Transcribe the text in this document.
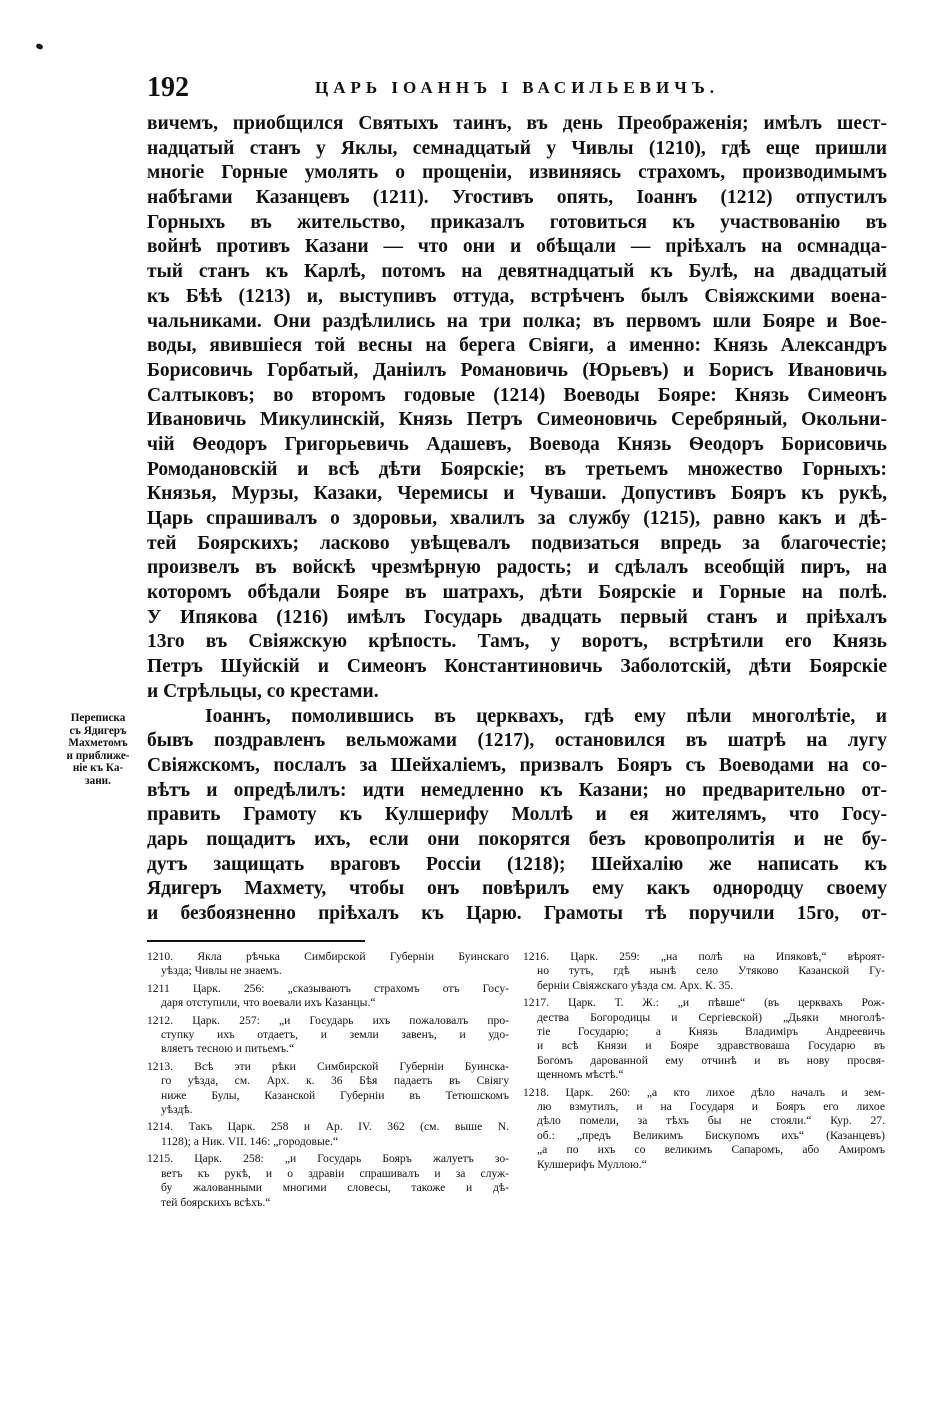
192	ЦАРЬ ІОАННЪ І ВАСИЛЬЕВИЧЪ.
вичемъ, приобщился Святыхъ таинъ, въ день Преображенія; имѣлъ шест-
надцатый станъ у Яклы, семнадцатый у Чивлы (1210), гдѣ еще пришли
многіе Горные умолять о прощеніи, извиняясь страхомъ, производимымъ
набѣгами Казанцевъ (1211). Угостивъ опять, Іоаннъ (1212) отпустилъ
Горныхъ въ жительство, приказалъ готовиться къ участвованію въ
войнѣ противъ Казани — что они и обѣщали — пріѣхалъ на осмнадца-
тый станъ къ Карлѣ, потомъ на девятнадцатый къ Булѣ, на двадцатый
къ Бѣѣ (1213) и, выступивъ оттуда, встрѣченъ былъ Свіяжскими воена-
чальниками. Они раздѣлились на три полка; въ первомъ шли Бояре и Вое-
воды, явившіеся той весны на берега Свіяги, а именно: Князь Александръ
Борисовичь Горбатый, Даніилъ Романовичь (Юрьевъ) и Борисъ Ивановичь
Салтыковъ; во второмъ годовые (1214) Воеводы Бояре: Князь Симеонъ
Ивановичь Микулинскій, Князь Петръ Симеоновичь Серебряный, Окольни-
чій Ѳеодоръ Григорьевичь Адашевъ, Воевода Князь Ѳеодоръ Борисовичь
Ромодановскій и всѣ дѣти Боярскіе; въ третьемъ множество Горныхъ:
Князья, Мурзы, Казаки, Черемисы и Чуваши. Допустивъ Бояръ къ рукѣ,
Царь спрашивалъ о здоровьи, хвалилъ за службу (1215), равно какъ и дѣ-
тей Боярскихъ; ласково увѣщевалъ подвизаться впредь за благочестіе;
произвелъ въ войскѣ чрезмѣрную радость; и сдѣлалъ всеобщій пиръ, на
которомъ обѣдали Бояре въ шатрахъ, дѣти Боярскіе и Горные на полѣ.
У Ипякова (1216) имѣлъ Государь двадцать первый станъ и пріѣхалъ
13го въ Свіяжскую крѣпость. Тамъ, у воротъ, встрѣтили его Князь
Петръ Шуйскій и Симеонъ Константиновичь Заболотскій, дѣти Боярскіе
и Стрѣльцы, со крестами.
Іоаннъ, помолившись въ церквахъ, гдѣ ему пѣли многолѣтіе, и
бывъ поздравленъ вельможами (1217), остановился въ шатрѣ на лугу
Свіяжскомъ, послалъ за Шейхаліемъ, призвалъ Бояръ съ Воеводами на со-
вѣтъ и опредѣлилъ: идти немедленно къ Казани; но предварительно от-
править Грамоту къ Кулшерифу Моллѣ и ея жителямъ, что Госу-
дарь пощадитъ ихъ, если они покорятся безъ кровопролитія и не бу-
дутъ защищать враговъ Россіи (1218); Шейхалію же написать къ
Ядигеръ Махмету, чтобы онъ повѣрилъ ему какъ однородцу своему
и безбоязненно пріѣхалъ къ Царю. Грамоты тѣ поручили 15го, от-
Переписка
съ Ядигеръ
Махметомъ
и приближе-
ніе къ Ка-
зани.
1210. Якла рѣчька Симбирской Губерніи Буинскаго
уѣзда; Чивлы не знаемъ.
1211 Царк. 256: „сказываютъ страхомъ отъ Госу-
даря отступили, что воевали ихъ Казанцы.“
1212. Царк. 257: „и Государь ихъ пожаловалъ про-
ступку ихъ отдаетъ, и земли завенъ, и удо-
вляетъ тесною и питьемъ.“
1213. Всѣ эти рѣки Симбирской Губерніи Буинска-
го уѣзда, см. Арх. к. 36 Бѣя падаетъ въ Свіягу
ниже Булы, Казанской Губерніи въ Тетюшскомъ
уѣздѣ.
1214. Такъ Царк. 258 и Ар. IV. 362 (см. выше N.
1128); а Ник. VII. 146: „городовые.“
1215. Царк. 258: „и Государь Бояръ жалуетъ зо-
ветъ къ рукѣ, и о здравіи спрашивалъ и за служ-
бу жалованными многими словесы, такоже и дѣ-
тей боярскихъ всѣхъ.“
1216. Царк. 259: „на полѣ на Ипяковѣ,“ вѣроят-
но тутъ, гдѣ нынѣ село Утяково Казанской Гу-
берніи Свіяжскаго уѣзда см. Арх. К. 35.
1217. Царк. Т. Ж.: „и пѣвше“ (въ церквахъ Рож-
дества Богородицы и Сергіевской) „Дьяки многолѣ-
тіе Государю; а Князь Владиміръ Андреевичь
и всѣ Князи и Бояре здравствоваша Государю въ
Богомъ дарованной ему отчинѣ и въ нову просвя-
щенномъ мѣстѣ.“
1218. Царк. 260: „а кто лихое дѣло началъ и зем-
лю взмутилъ, и на Государя и Бояръ его лихое
дѣло помели, за тѣхъ бы не стояли.“ Кур. 27.
об.: „предъ Великимъ Бискупомъ ихъ“ (Казанцевъ)
„а по ихъ со великимъ Сапаромъ, або Амиромъ
Кулшерифъ Муллою.“
